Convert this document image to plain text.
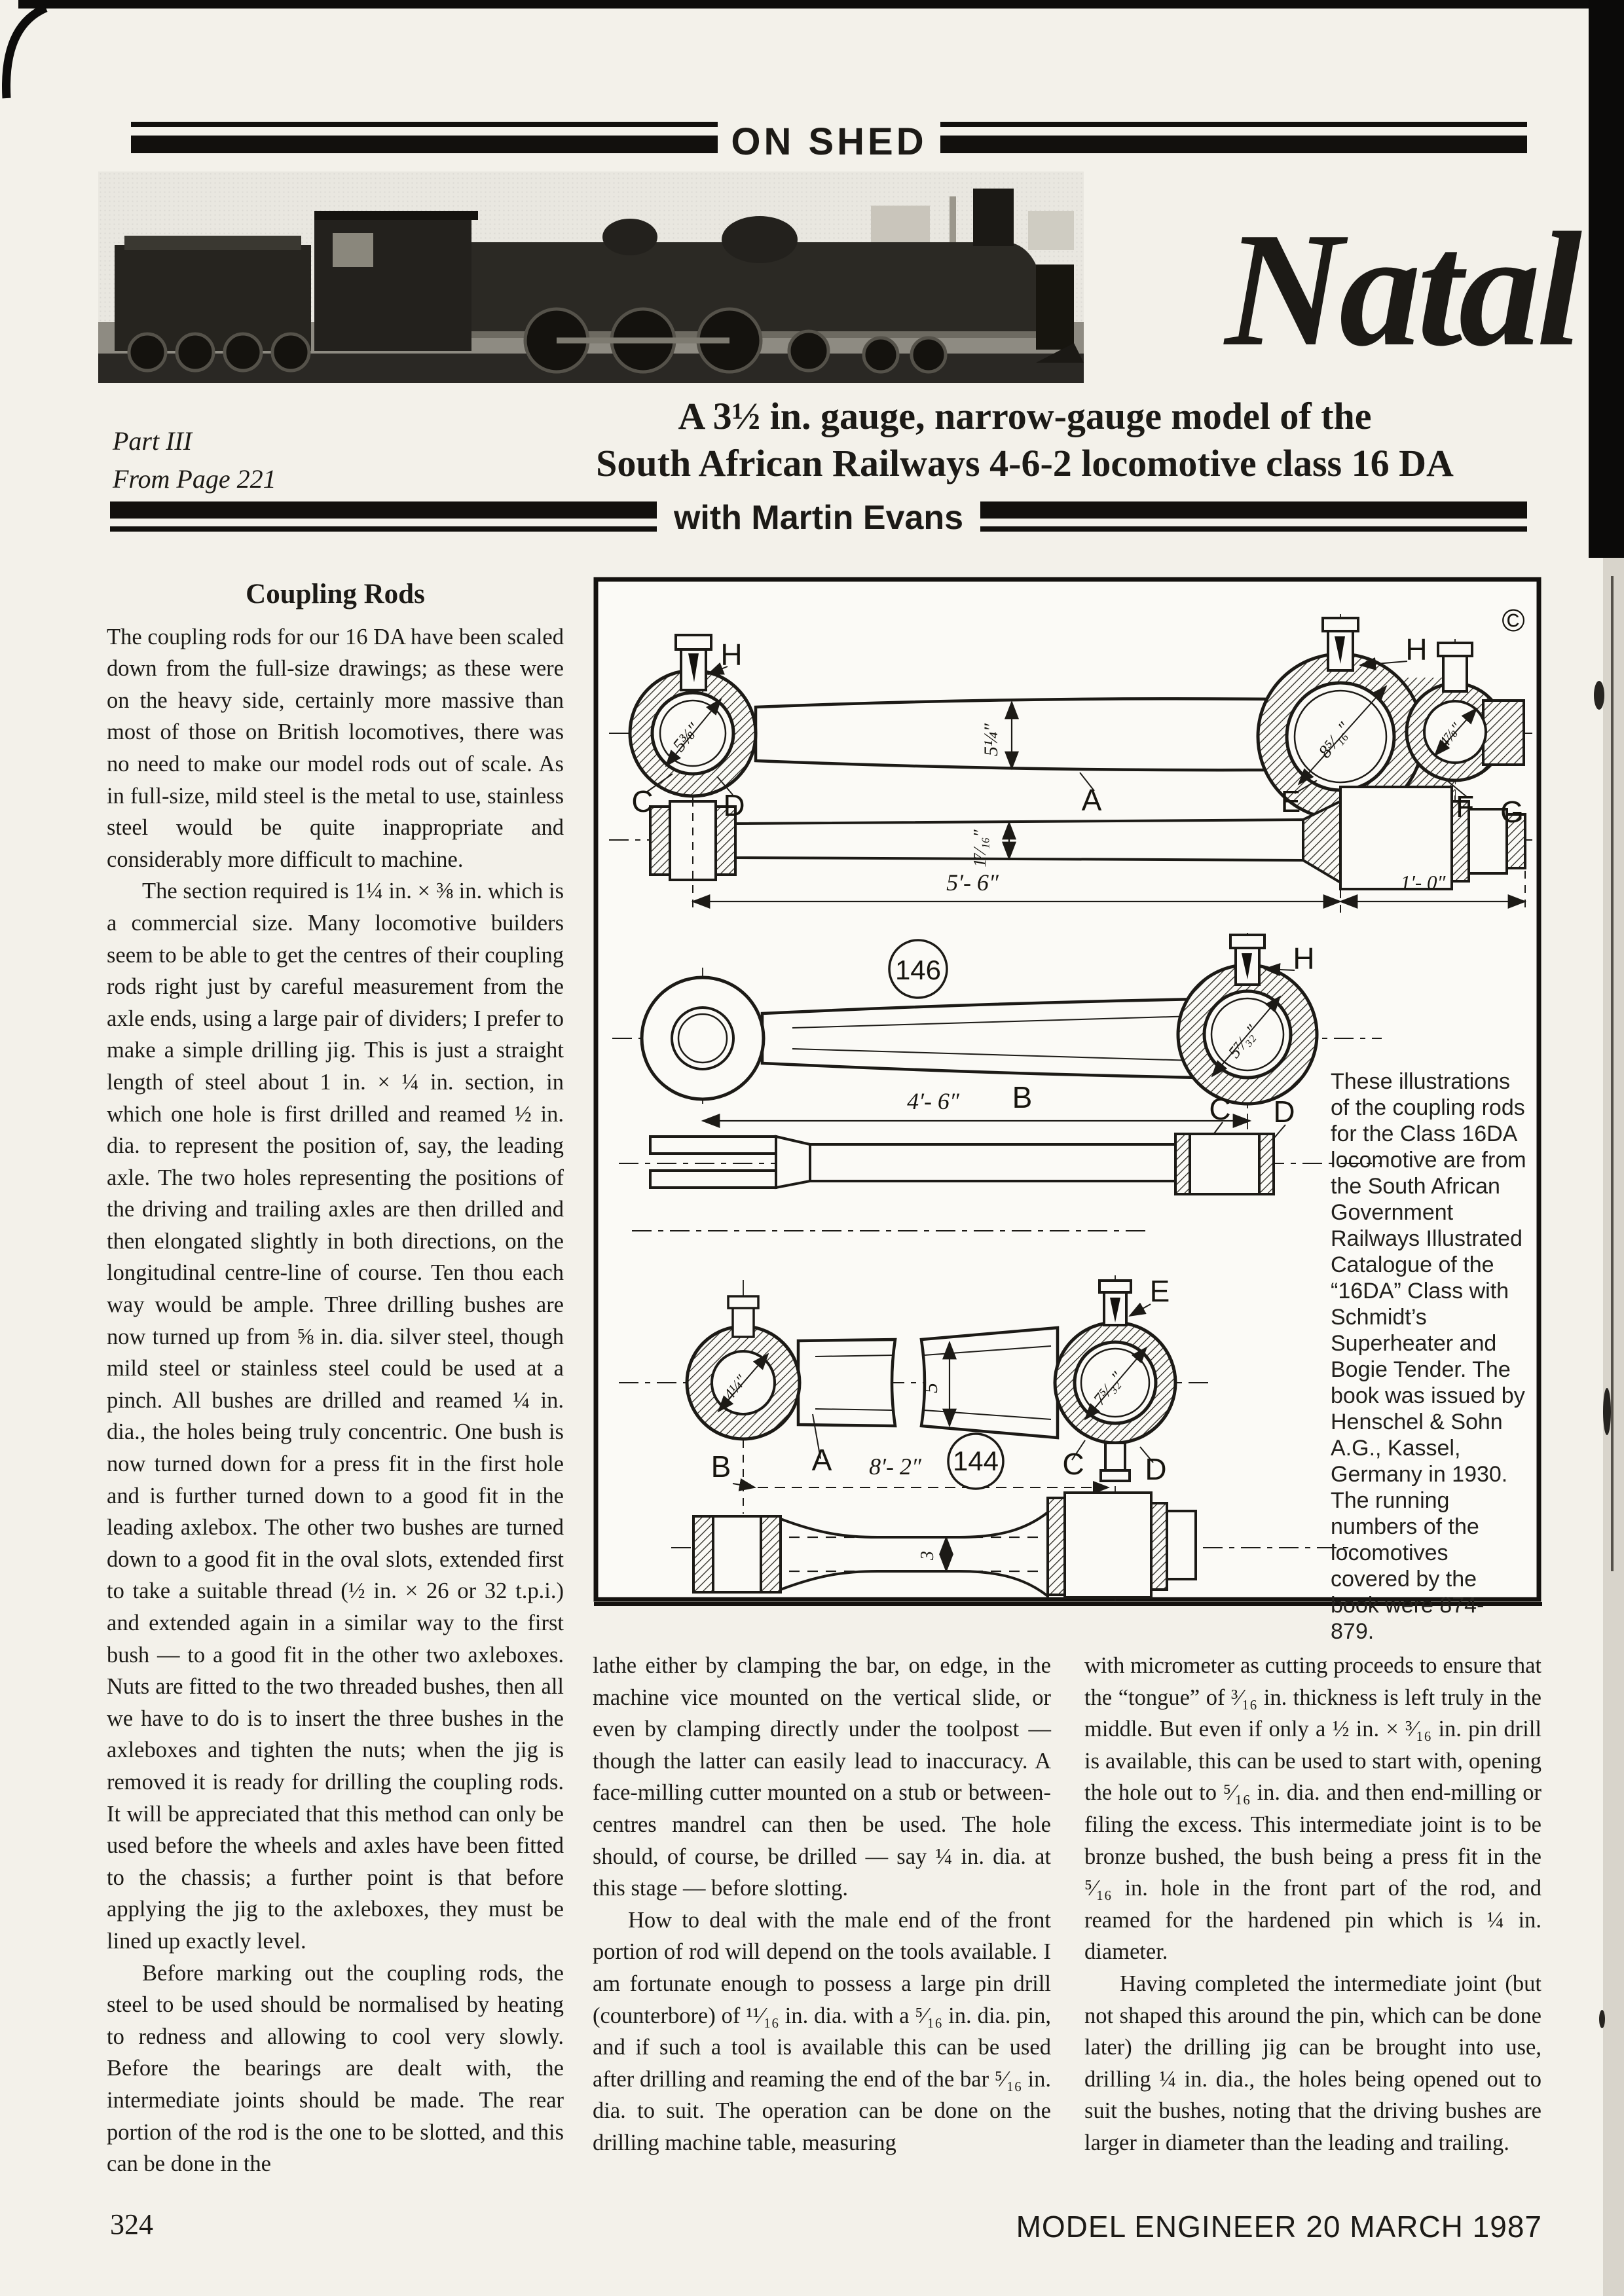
ON SHED
Natal
Part III
From Page 221
A 3½ in. gauge, narrow-gauge model of the
South African Railways 4-6-2 locomotive class 16 DA
with Martin Evans
Coupling Rods

The coupling rods for our 16 DA have been scaled down from the full-size drawings; as these were on the heavy side, certainly more massive than most of those on British locomotives, there was no need to make our model rods out of scale. As in full-size, mild steel is the metal to use, stainless steel would be quite inappropriate and considerably more difficult to machine.

The section required is 1¼ in. × ⅜ in. which is a commercial size. Many locomotive builders seem to be able to get the centres of their coupling rods right just by careful measurement from the axle ends, using a large pair of dividers; I prefer to make a simple drilling jig. This is just a straight length of steel about 1 in. × ¼ in. section, in which one hole is first drilled and reamed ½ in. dia. to represent the position of, say, the leading axle. The two holes representing the positions of the driving and trailing axles are then drilled and then elongated slightly in both directions, on the longitudinal centre-line of course. Ten thou each way would be ample. Three drilling bushes are now turned up from ⅝ in. dia. silver steel, though mild steel or stainless steel could be used at a pinch. All bushes are drilled and reamed ¼ in. dia., the holes being truly concentric. One bush is now turned down for a press fit in the first hole and is further turned down to a good fit in the leading axlebox. The other two bushes are turned down to a good fit in the oval slots, extended first to take a suitable thread (½ in. × 26 or 32 t.p.i.) and extended again in a similar way to the first bush — to a good fit in the other two axleboxes. Nuts are fitted to the two threaded bushes, then all we have to do is to insert the three bushes in the axleboxes and tighten the nuts; when the jig is removed it is ready for drilling the coupling rods. It will be appreciated that this method can only be used before the wheels and axles have been fitted to the chassis; a further point is that before applying the jig to the axleboxes, they must be lined up exactly level.

Before marking out the coupling rods, the steel to be used should be normalised by heating to redness and allowing to cool very slowly. Before the bearings are dealt with, the intermediate joints should be made. The rear portion of the rod is the one to be slotted, and this can be done in the

©
H	H
C D	A	E	F G
5¼″
1⁷⁄₁₆″
5′- 6″	1′- 0″
5⅜″	8⁵⁄₁₆″	4⅞″
146	H
B	C D
4′- 6″
5⁷⁄₃₂″
144
E
B	A	C D
8′- 2″
5
3
4¼″	7⁵⁄₃₂″
These illustrations of the coupling rods for the Class 16DA locomotive are from the South African Government Railways Illustrated Catalogue of the “16DA” Class with Schmidt’s Superheater and Bogie Tender. The book was issued by Henschel & Sohn A.G., Kassel, Germany in 1930. The running numbers of the locomotives covered by the book were 874-879.

lathe either by clamping the bar, on edge, in the machine vice mounted on the vertical slide, or even by clamping directly under the toolpost — though the latter can easily lead to inaccuracy. A face-milling cutter mounted on a stub or between-centres mandrel can then be used. The hole should, of course, be drilled — say ¼ in. dia. at this stage — before slotting.

How to deal with the male end of the front portion of rod will depend on the tools available. I am fortunate enough to possess a large pin drill (counterbore) of ¹¹⁄₁₆ in. dia. with a ⁵⁄₁₆ in. dia. pin, and if such a tool is available this can be used after drilling and reaming the end of the bar ⁵⁄₁₆ in. dia. to suit. The operation can be done on the drilling machine table, measuring

with micrometer as cutting proceeds to ensure that the “tongue” of ³⁄₁₆ in. thickness is left truly in the middle. But even if only a ½ in. × ³⁄₁₆ in. pin drill is available, this can be used to start with, opening the hole out to ⁵⁄₁₆ in. dia. and then end-milling or filing the excess. This intermediate joint is to be bronze bushed, the bush being a press fit in the ⁵⁄₁₆ in. hole in the front part of the rod, and reamed for the hardened pin which is ¼ in. diameter.

Having completed the intermediate joint (but not shaped this around the pin, which can be done later) the drilling jig can be brought into use, drilling ¼ in. dia., the holes being opened out to suit the bushes, noting that the driving bushes are larger in diameter than the leading and trailing.

324	MODEL ENGINEER 20 MARCH 1987
